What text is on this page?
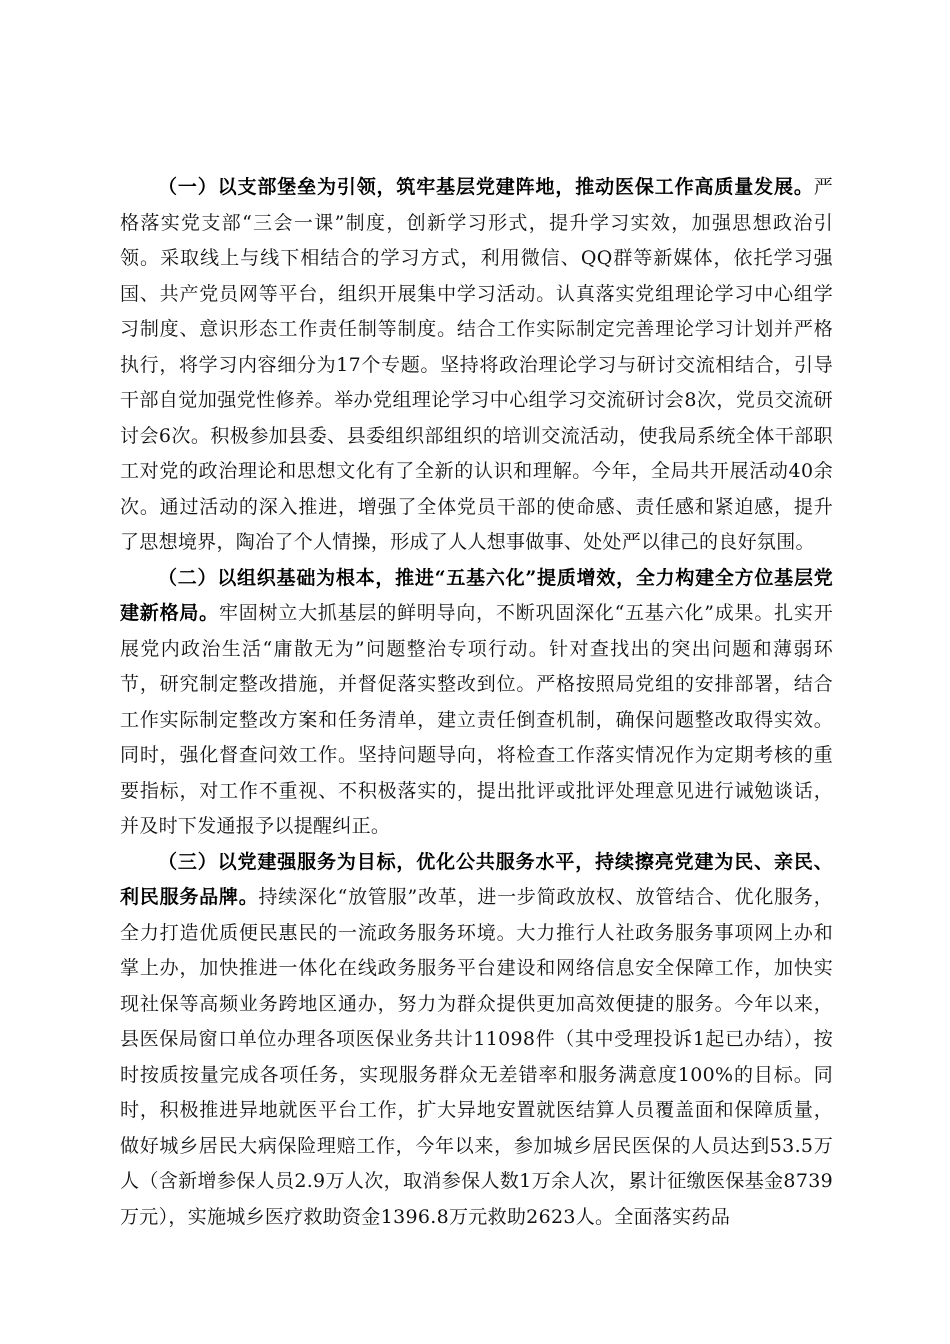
（一）以支部堡垒为引领，筑牢基层党建阵地，推动医保工作高质量发展。严格落实党支部“三会一课”制度，创新学习形式，提升学习实效，加强思想政治引领。采取线上与线下相结合的学习方式，利用微信、QQ群等新媒体，依托学习强国、共产党员网等平台，组织开展集中学习活动。认真落实党组理论学习中心组学习制度、意识形态工作责任制等制度。结合工作实际制定完善理论学习计划并严格执行，将学习内容细分为17个专题。坚持将政治理论学习与研讨交流相结合，引导干部自觉加强党性修养。举办党组理论学习中心组学习交流研讨会8次，党员交流研讨会6次。积极参加县委、县委组织部组织的培训交流活动，使我局系统全体干部职工对党的政治理论和思想文化有了全新的认识和理解。今年，全局共开展活动40余次。通过活动的深入推进，增强了全体党员干部的使命感、责任感和紧迫感，提升了思想境界，陶冶了个人情操，形成了人人想事做事、处处严以律己的良好氛围。

（二）以组织基础为根本，推进“五基六化”提质增效，全力构建全方位基层党建新格局。牢固树立大抓基层的鲜明导向，不断巩固深化“五基六化”成果。扎实开展党内政治生活“庸散无为”问题整治专项行动。针对查找出的突出问题和薄弱环节，研究制定整改措施，并督促落实整改到位。严格按照局党组的安排部署，结合工作实际制定整改方案和任务清单，建立责任倒查机制，确保问题整改取得实效。同时，强化督查问效工作。坚持问题导向，将检查工作落实情况作为定期考核的重要指标，对工作不重视、不积极落实的，提出批评或批评处理意见进行诫勉谈话，并及时下发通报予以提醒纠正。

（三）以党建强服务为目标，优化公共服务水平，持续擦亮党建为民、亲民、利民服务品牌。持续深化“放管服”改革，进一步简政放权、放管结合、优化服务，全力打造优质便民惠民的一流政务服务环境。大力推行人社政务服务事项网上办和掌上办，加快推进一体化在线政务服务平台建设和网络信息安全保障工作，加快实现社保等高频业务跨地区通办，努力为群众提供更加高效便捷的服务。今年以来，县医保局窗口单位办理各项医保业务共计11098件（其中受理投诉1起已办结），按时按质按量完成各项任务，实现服务群众无差错率和服务满意度100%的目标。同时，积极推进异地就医平台工作，扩大异地安置就医结算人员覆盖面和保障质量，做好城乡居民大病保险理赔工作，今年以来，参加城乡居民医保的人员达到53.5万人（含新增参保人员2.9万人次，取消参保人数1万余人次，累计征缴医保基金8739万元），实施城乡医疗救助资金1396.8万元救助2623人。全面落实药品
